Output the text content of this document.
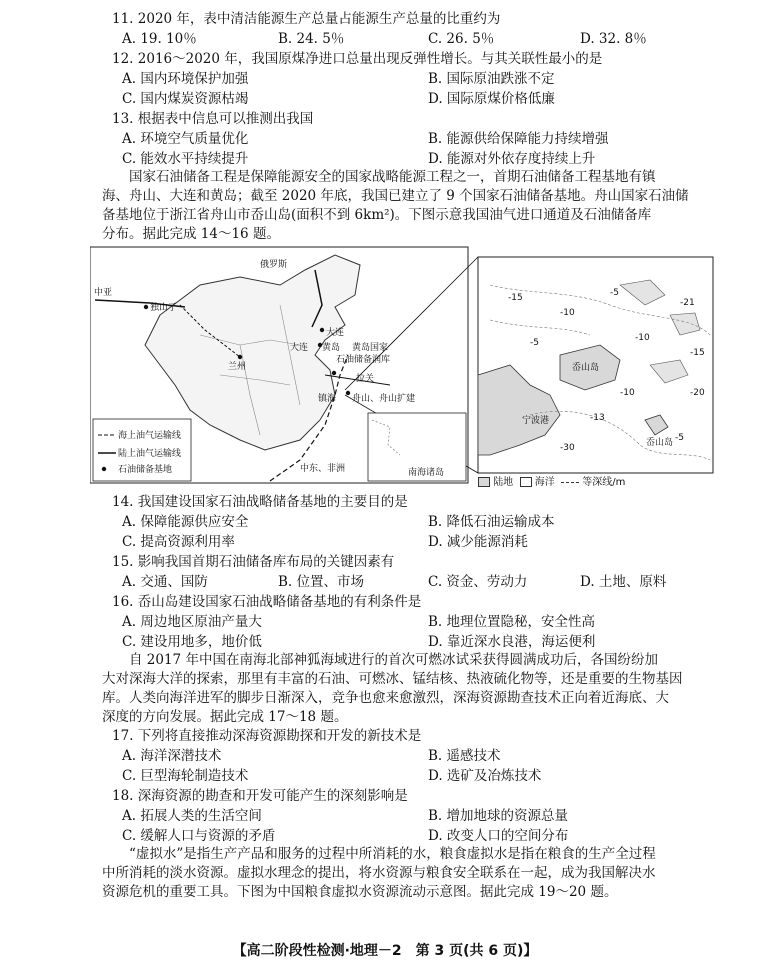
11. 2020 年，表中清洁能源生产总量占能源生产总量的比重约为
A. 19. 10％	B. 24. 5％	C. 26. 5％	D. 32. 8％
12. 2016～2020 年，我国原煤净进口总量出现反弹性增长。与其关联性最小的是
A. 国内环境保护加强	B. 国际原油跌涨不定
C. 国内煤炭资源枯竭	D. 国际原煤价格低廉
13. 根据表中信息可以推测出我国
A. 环境空气质量优化	B. 能源供给保障能力持续增强
C. 能效水平持续提升	D. 能源对外依存度持续上升

国家石油储备工程是保障能源安全的国家战略能源工程之一，首期石油储备工程基地有镇

海、舟山、大连和黄岛；截至 2020 年底，我国已建立了 9 个国家石油储备基地。舟山国家石油储

备基地位于浙江省舟山市岙山岛(面积不到 6km²)。下图示意我国油气进口通道及石油储备库

分布。据此完成 14～16 题。

俄罗斯
中亚
独山子
兰州
大连
大连 黄岛 黄岛国家
石油储备润库
拉关
镇海 舟山、舟山扩建
中东、非洲
海上油气运输线
陆上油气运输线
石油储备基地	南海诸岛
岙山岛
宁波港
岙山岛
-15
-10
-5
-21
-10
-15
-5
-10	-20
-13
-5
-30
陆地 海洋	等深线/m
14. 我国建设国家石油战略储备基地的主要目的是
A. 保障能源供应安全	B. 降低石油运输成本
C. 提高资源利用率	D. 减少能源消耗
15. 影响我国首期石油储备库布局的关键因素有
A. 交通、国防	B. 位置、市场	C. 资金、劳动力	D. 土地、原料
16. 岙山岛建设国家石油战略储备基地的有利条件是
A. 周边地区原油产量大	B. 地理位置隐秘，安全性高
C. 建设用地多，地价低	D. 靠近深水良港，海运便利

自 2017 年中国在南海北部神狐海域进行的首次可燃冰试采获得圆满成功后，各国纷纷加

大对深海大洋的探索，那里有丰富的石油、可燃冰、锰结核、热液硫化物等，还是重要的生物基因

库。人类向海洋进军的脚步日渐深入，竞争也愈来愈激烈，深海资源勘查技术正向着近海底、大

深度的方向发展。据此完成 17～18 题。

17. 下列将直接推动深海资源勘探和开发的新技术是
A. 海洋深潜技术	B. 遥感技术
C. 巨型海轮制造技术	D. 选矿及冶炼技术
18. 深海资源的勘查和开发可能产生的深刻影响是
A. 拓展人类的生活空间	B. 增加地球的资源总量
C. 缓解人口与资源的矛盾	D. 改变人口的空间分布

“虚拟水”是指生产产品和服务的过程中所消耗的水，粮食虚拟水是指在粮食的生产全过程

中所消耗的淡水资源。虚拟水理念的提出，将水资源与粮食安全联系在一起，成为我国解决水

资源危机的重要工具。下图为中国粮食虚拟水资源流动示意图。据此完成 19～20 题。

【高二阶段性检测·地理－2　第 3 页(共 6 页)】
